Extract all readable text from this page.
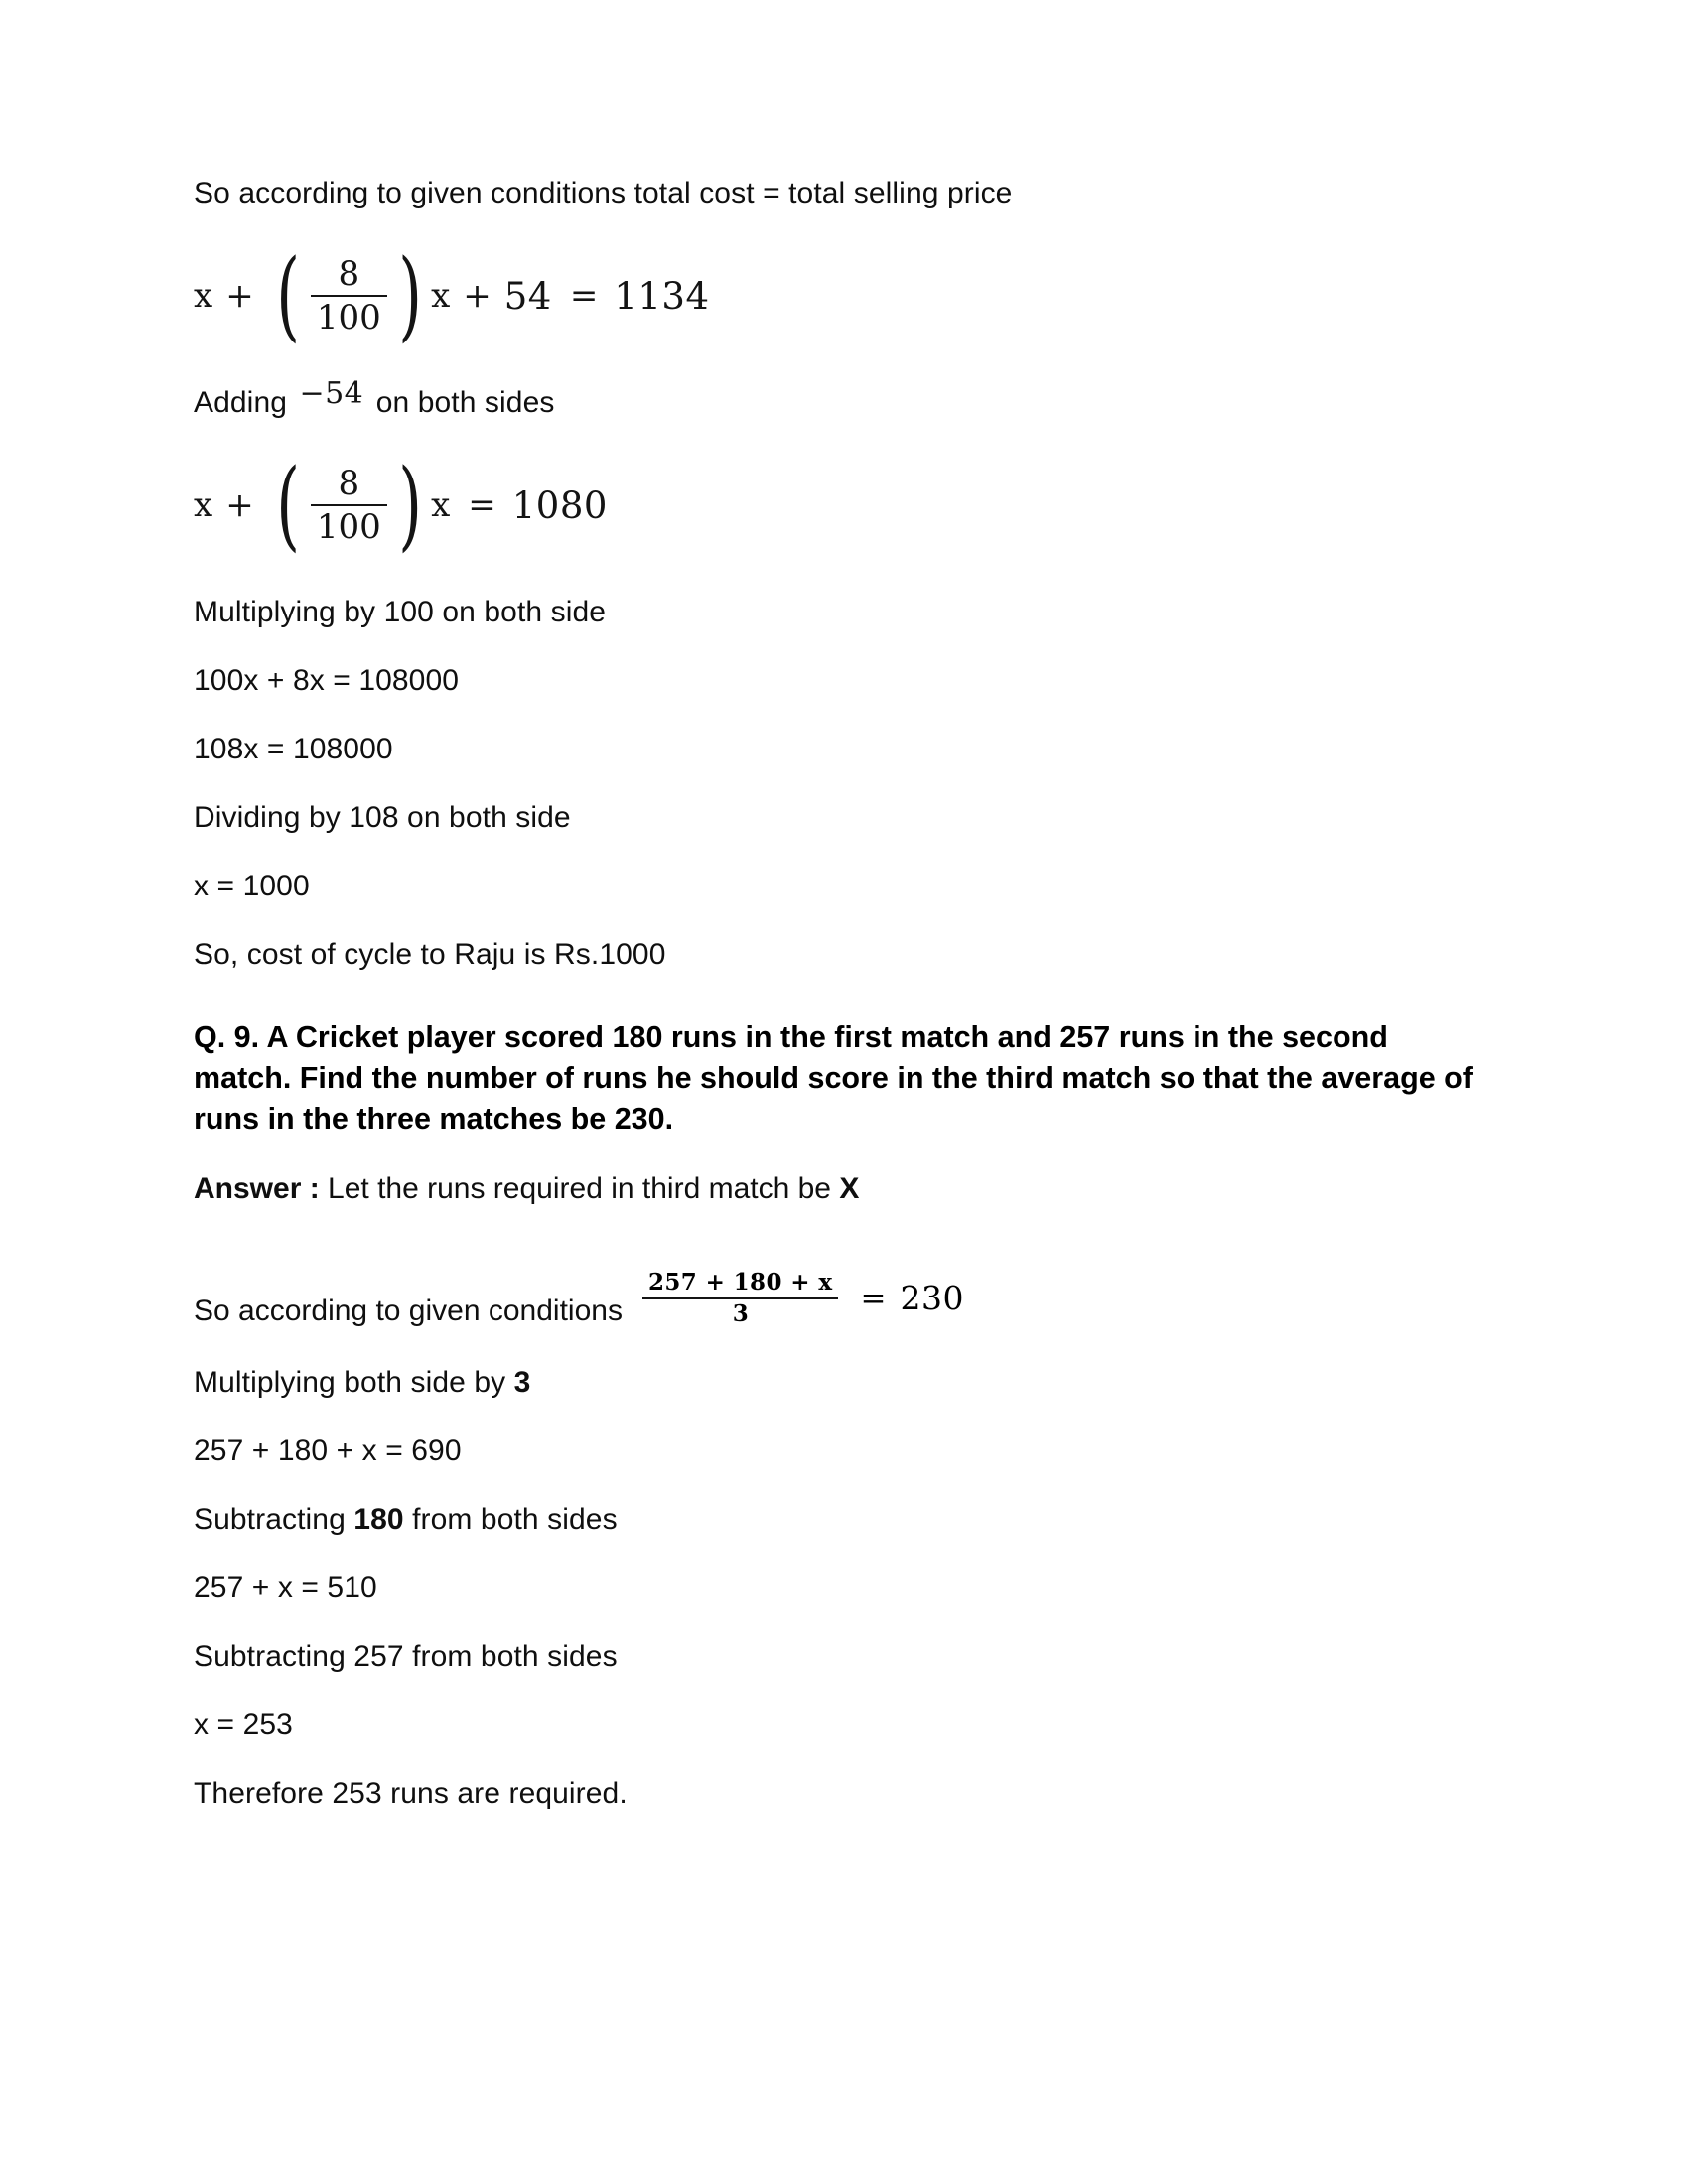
So according to given conditions total cost = total selling price

x + ( $\frac{8}{100}$ ) x + 54 = 1134

Adding −54 on both sides

x + ( $\frac{8}{100}$ ) x = 1080

Multiplying by 100 on both side

100x + 8x = 108000

108x = 108000

Dividing by 108 on both side

x = 1000

So, cost of cycle to Raju is Rs.1000

Q. 9. A Cricket player scored 180 runs in the first match and 257 runs in the second match. Find the number of runs he should score in the third match so that the average of runs in the three matches be 230.

Answer : Let the runs required in third match be X

So according to given conditions $\frac{257 + 180 + x}{3} = 230$

Multiplying both side by 3

257 + 180 + x = 690

Subtracting 180 from both sides

257 + x = 510

Subtracting 257 from both sides

x = 253

Therefore 253 runs are required.
